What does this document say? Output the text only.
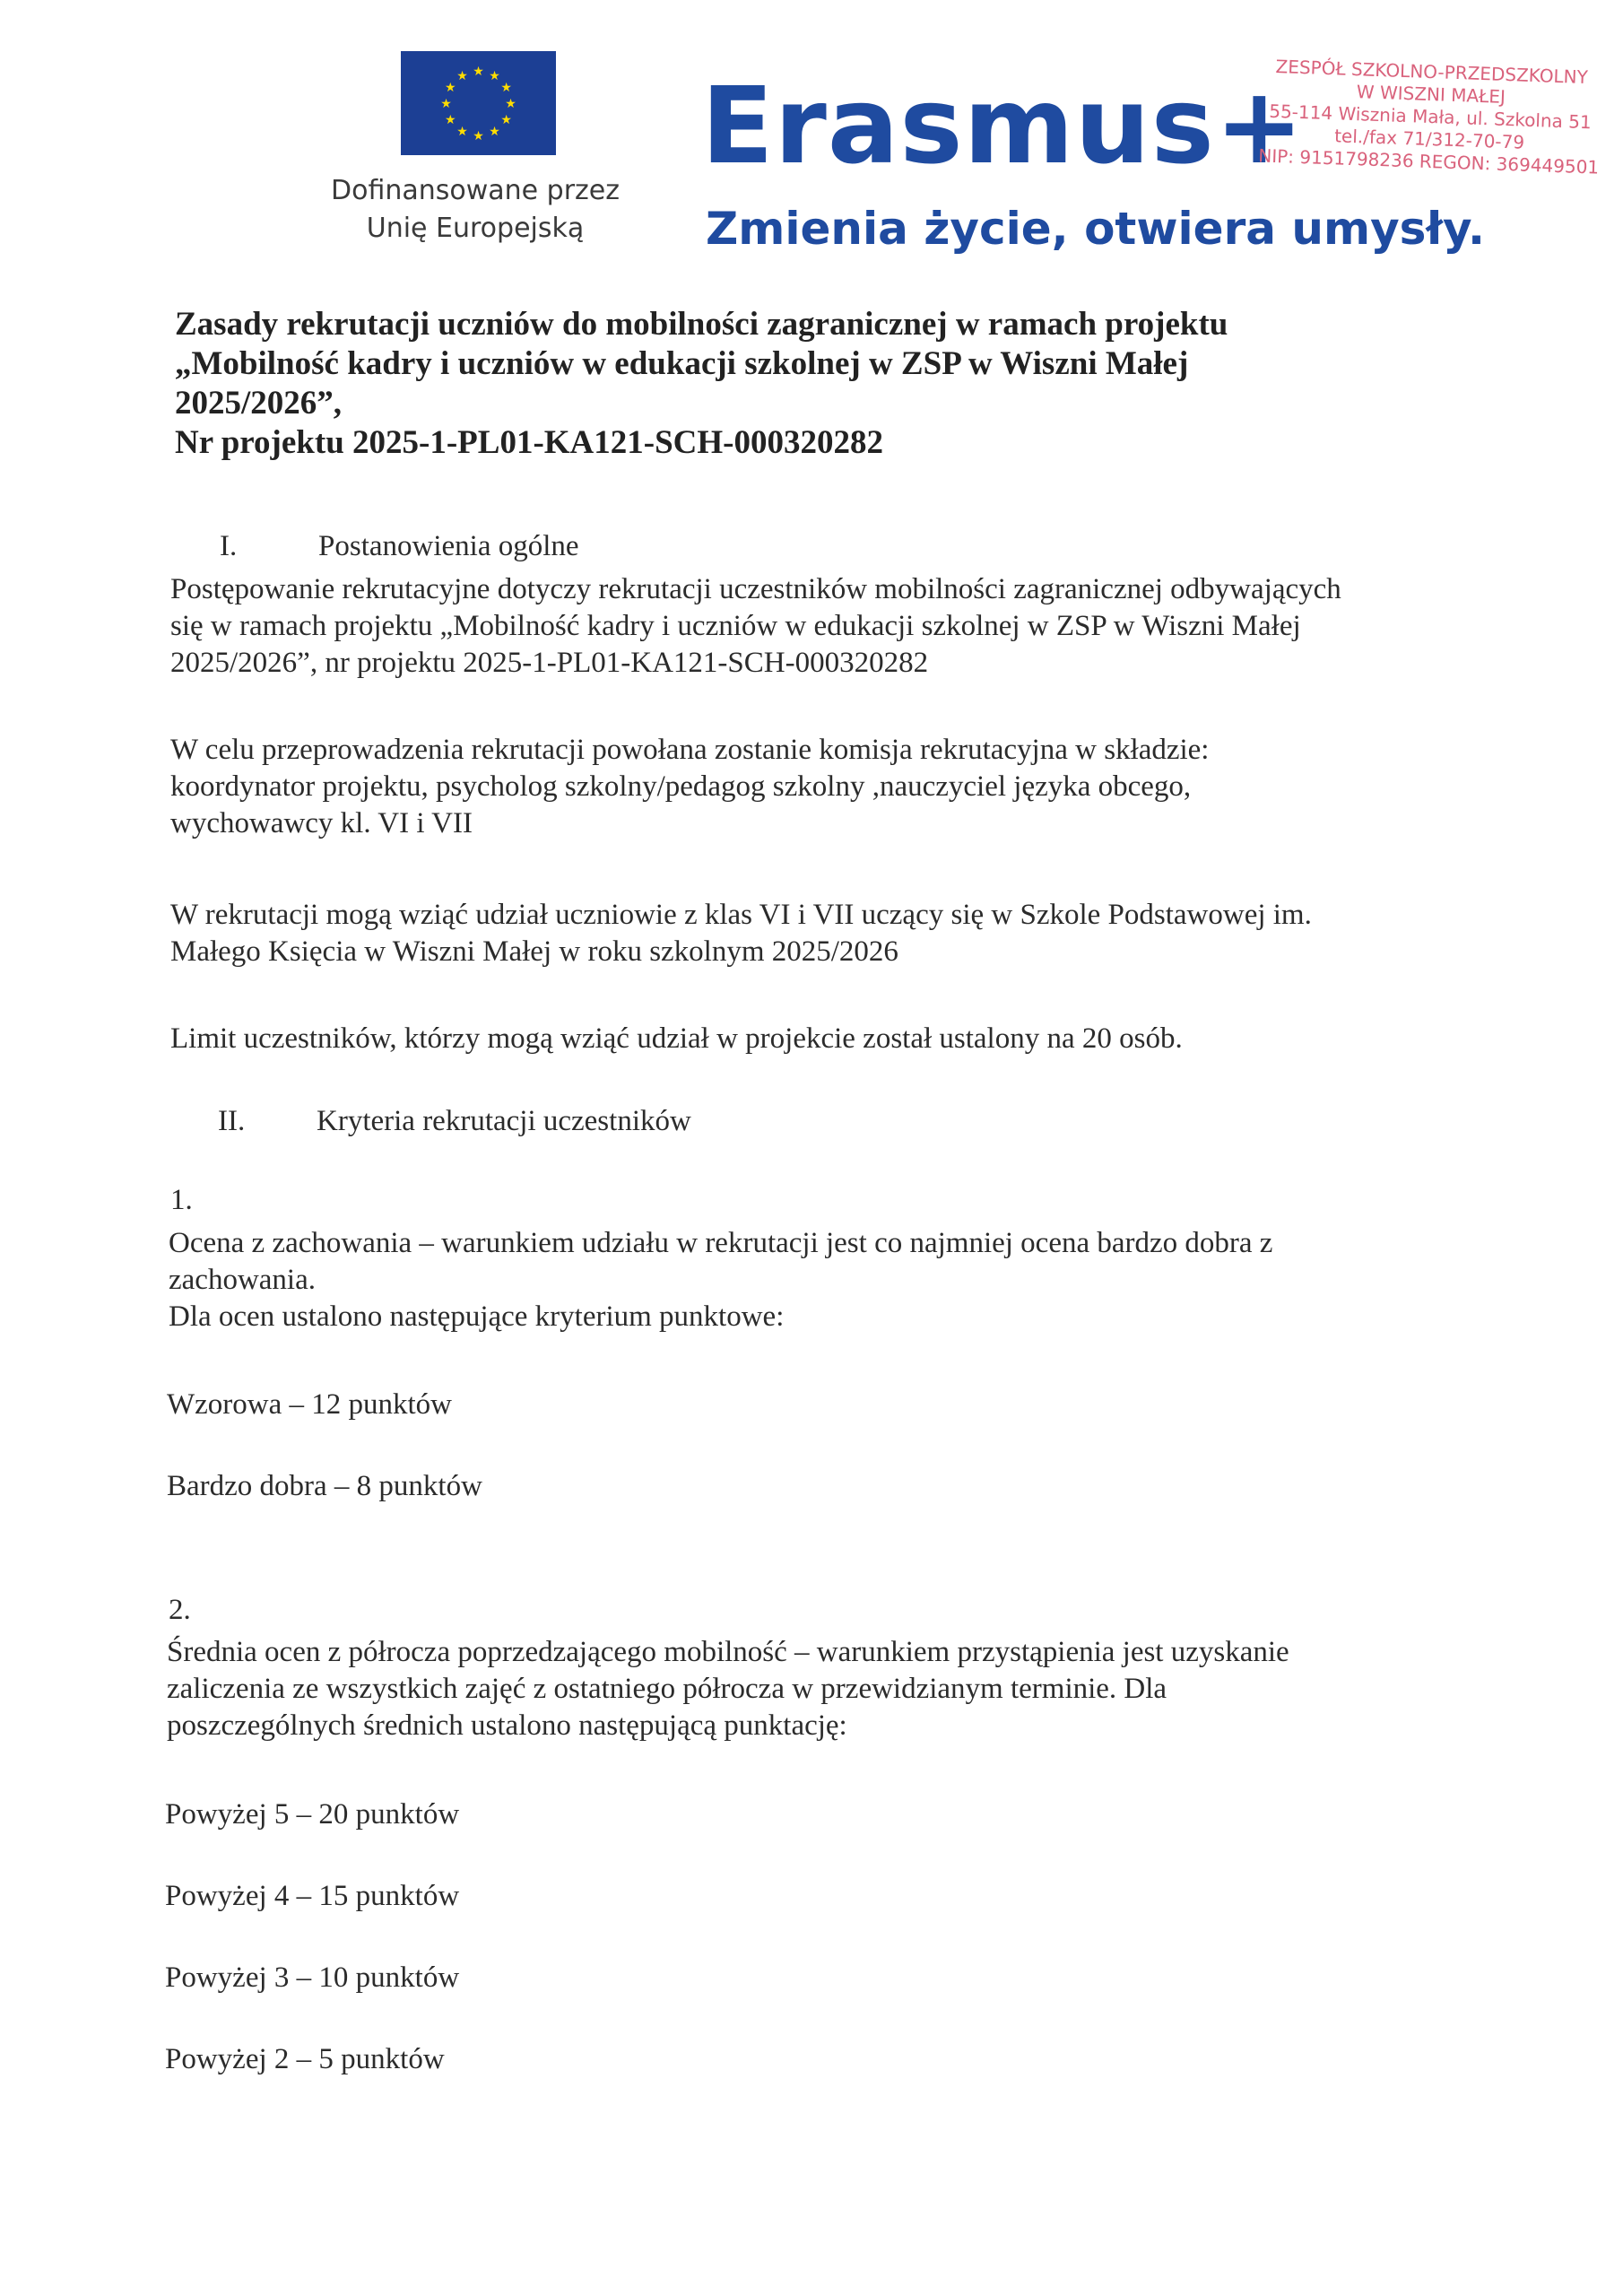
★ ★
★
★
★
★
★
★
★
★
★
★
Dofinansowane przez
Unię Europejską
Erasmus+
Zmienia życie, otwiera umysły.
ZESPÓŁ SZKOLNO-PRZEDSZKOLNY
W WISZNI MAŁEJ
55-114 Wisznia Mała, ul. Szkolna 51
tel./fax 71/312-70-79
NIP: 9151798236 REGON: 369449501
Zasady rekrutacji uczniów do mobilności zagranicznej w ramach projektu
„Mobilność kadry i uczniów w edukacji szkolnej w ZSP w Wiszni Małej
2025/2026”,
Nr projektu 2025-1-PL01-KA121-SCH-000320282
I.	Postanowienia ogólne
Postępowanie rekrutacyjne dotyczy rekrutacji uczestników mobilności zagranicznej odbywających
się w ramach projektu „Mobilność kadry i uczniów w edukacji szkolnej w ZSP w Wiszni Małej
2025/2026”, nr projektu 2025-1-PL01-KA121-SCH-000320282
W celu przeprowadzenia rekrutacji powołana zostanie komisja rekrutacyjna w składzie:
koordynator projektu, psycholog szkolny/pedagog szkolny ,nauczyciel języka obcego,
wychowawcy kl. VI i VII
W rekrutacji mogą wziąć udział uczniowie z klas VI i VII uczący się w Szkole Podstawowej im.
Małego Księcia w Wiszni Małej w roku szkolnym 2025/2026
Limit uczestników, którzy mogą wziąć udział w projekcie został ustalony na 20 osób.
II. Kryteria rekrutacji uczestników
1.
Ocena z zachowania – warunkiem udziału w rekrutacji jest co najmniej ocena bardzo dobra z
zachowania.
Dla ocen ustalono następujące kryterium punktowe:
Wzorowa – 12 punktów
Bardzo dobra – 8 punktów
2.
Średnia ocen z półrocza poprzedzającego mobilność – warunkiem przystąpienia jest uzyskanie
zaliczenia ze wszystkich zajęć z ostatniego półrocza w przewidzianym terminie. Dla
poszczególnych średnich ustalono następującą punktację:
Powyżej 5 – 20 punktów
Powyżej 4 – 15 punktów
Powyżej 3 – 10 punktów
Powyżej 2 – 5 punktów
